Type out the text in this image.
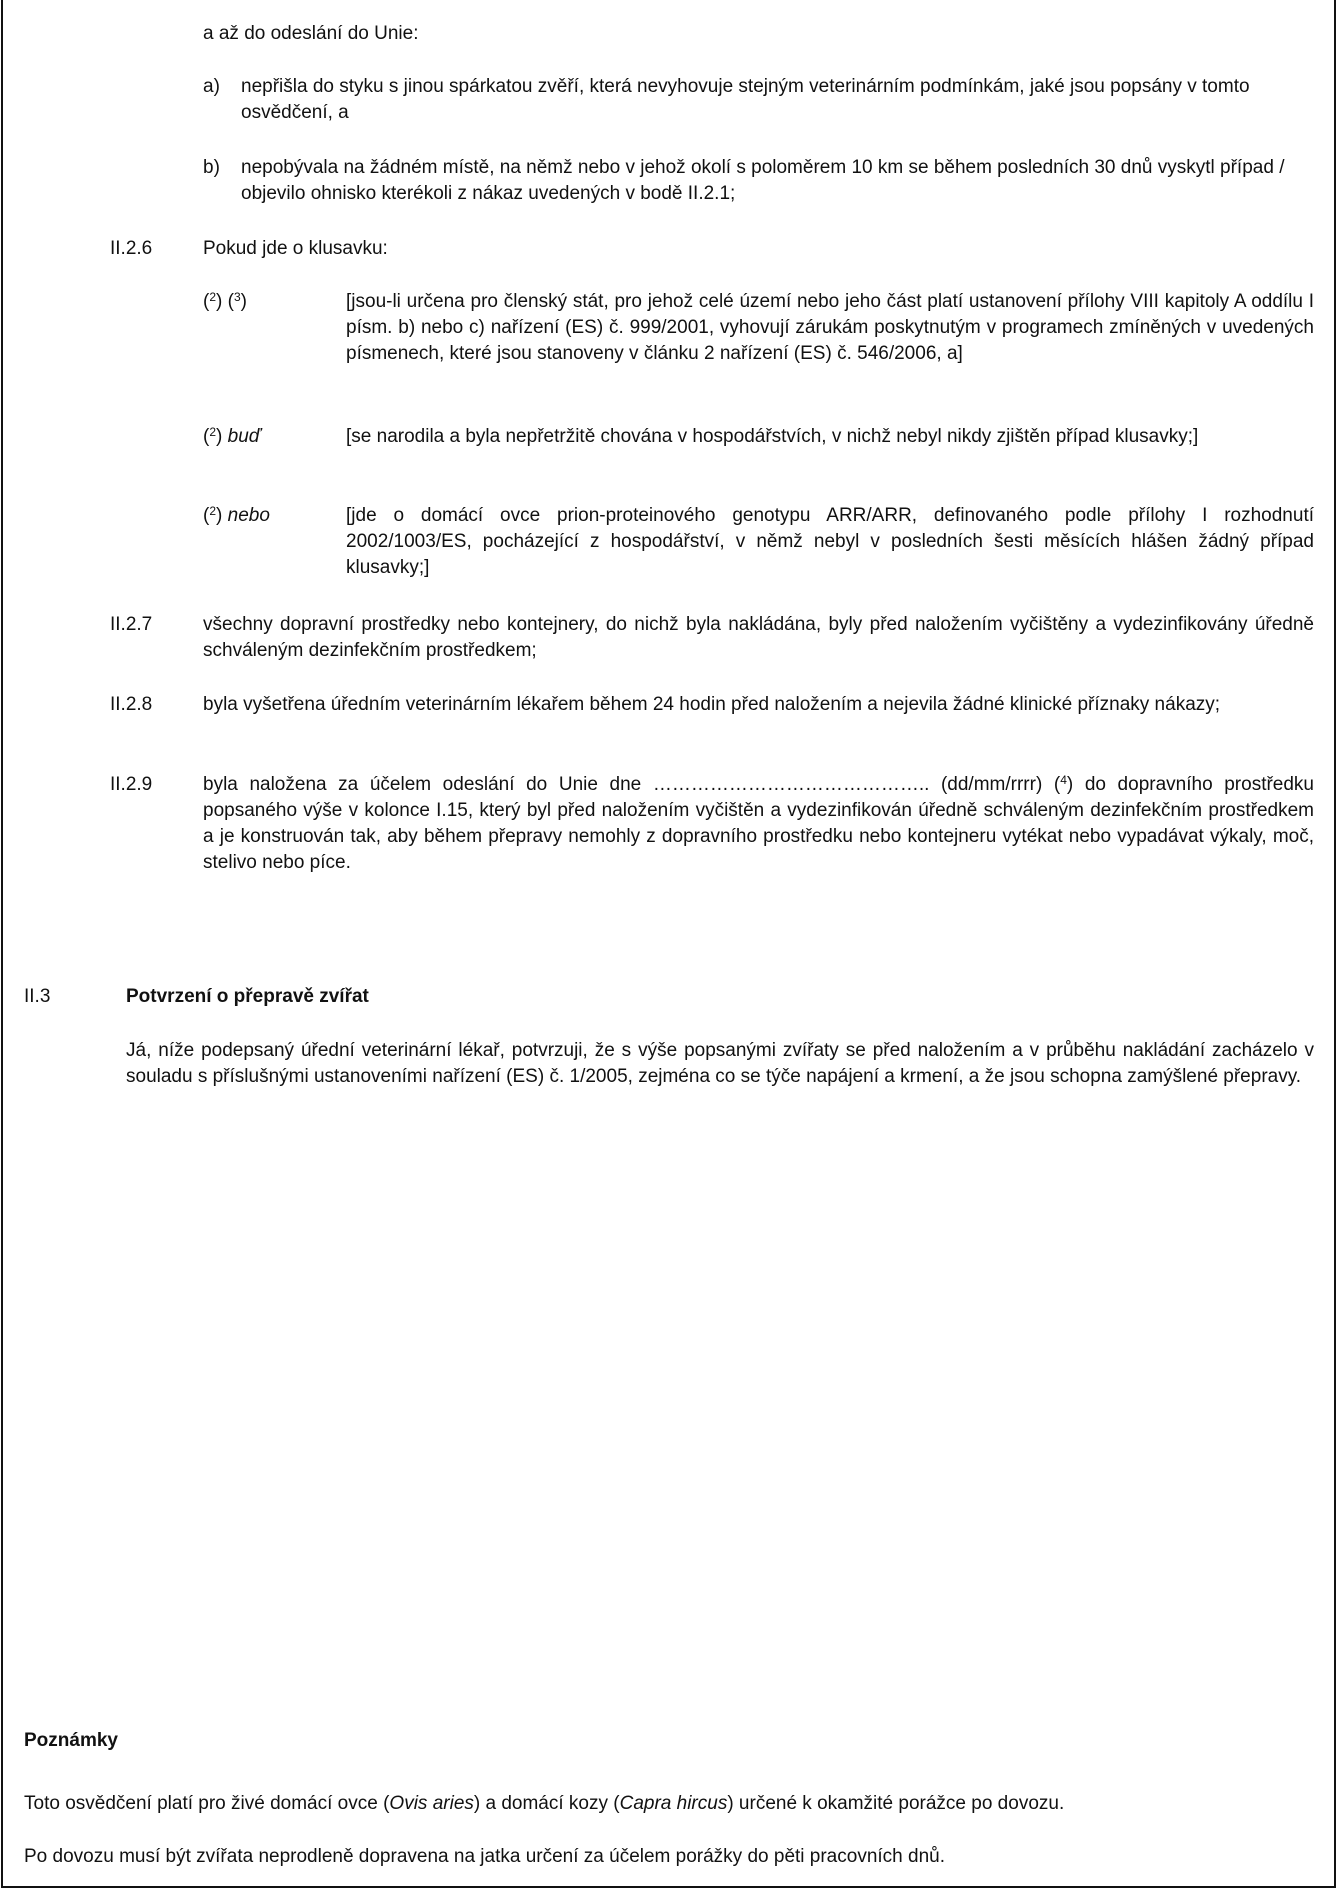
a až do odeslání do Unie:

a) nepřišla do styku s jinou spárkatou zvěří, která nevyhovuje stejným veterinárním podmínkám, jaké jsou popsány v tomto osvědčení, a

b) nepobývala na žádném místě, na němž nebo v jehož okolí s poloměrem 10 km se během posledních 30 dnů vyskytl případ / objevilo ohnisko kterékoli z nákaz uvedených v bodě II.2.1;

II.2.6	Pokud jde o klusavku:

($^2$) ($^3$)	[jsou-li určena pro členský stát, pro jehož celé území nebo jeho část platí ustanovení přílohy VIII kapitoly A oddílu I písm. b) nebo c) nařízení (ES) č. 999/2001, vyhovují zárukám poskytnutým v programech zmíněných v uvedených písmenech, které jsou stanoveny v článku 2 nařízení (ES) č. 546/2006, a]

($^2$) buď	[se narodila a byla nepřetržitě chována v hospodářstvích, v nichž nebyl nikdy zjištěn případ klusavky;]

($^2$) nebo	[jde o domácí ovce prion-proteinového genotypu ARR/ARR, definovaného podle přílohy I rozhodnutí 2002/1003/ES, pocházející z hospodářství, v němž nebyl v posledních šesti měsících hlášen žádný případ klusavky;]

II.2.7	všechny dopravní prostředky nebo kontejnery, do nichž byla nakládána, byly před naložením vyčištěny a vydezinfikovány úředně schváleným dezinfekčním prostředkem;

II.2.8	byla vyšetřena úředním veterinárním lékařem během 24 hodin před naložením a nejevila žádné klinické příznaky nákazy;

II.2.9	byla naložena za účelem odeslání do Unie dne …………………………………….. (dd/mm/rrrr) ($^4$) do dopravního prostředku popsaného výše v kolonce I.15, který byl před naložením vyčištěn a vydezinfikován úředně schváleným dezinfekčním prostředkem a je konstruován tak, aby během přepravy nemohly z dopravního prostředku nebo kontejneru vytékat nebo vypadávat výkaly, moč, stelivo nebo píce.

II.3	Potvrzení o přepravě zvířat

Já, níže podepsaný úřední veterinární lékař, potvrzuji, že s výše popsanými zvířaty se před naložením a v průběhu nakládání zacházelo v souladu s příslušnými ustanoveními nařízení (ES) č. 1/2005, zejména co se týče napájení a krmení, a že jsou schopna zamýšlené přepravy.

Poznámky

Toto osvědčení platí pro živé domácí ovce (Ovis aries) a domácí kozy (Capra hircus) určené k okamžité porážce po dovozu.

Po dovozu musí být zvířata neprodleně dopravena na jatka určení za účelem porážky do pěti pracovních dnů.
